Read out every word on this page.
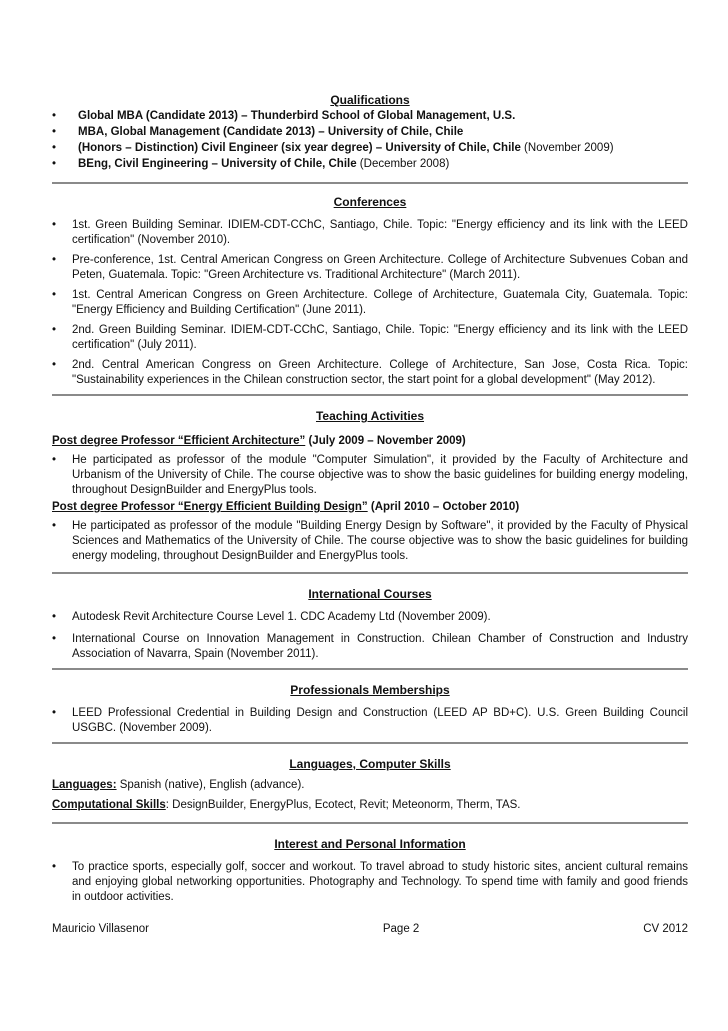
Qualifications
•	Global MBA (Candidate 2013) – Thunderbird School of Global Management, U.S.
•	MBA, Global Management (Candidate 2013) – University of Chile, Chile
•	(Honors – Distinction) Civil Engineer (six year degree) – University of Chile, Chile (November 2009)
•	BEng, Civil Engineering – University of Chile, Chile (December 2008)
Conferences
•	1st. Green Building Seminar. IDIEM-CDT-CChC, Santiago, Chile. Topic: "Energy efficiency and its link with the LEED certification" (November 2010).
•	Pre-conference, 1st. Central American Congress on Green Architecture. College of Architecture Subvenues Coban and Peten, Guatemala. Topic: "Green Architecture vs. Traditional Architecture" (March 2011).
•	1st. Central American Congress on Green Architecture. College of Architecture, Guatemala City, Guatemala. Topic: "Energy Efficiency and Building Certification" (June 2011).
•	2nd. Green Building Seminar. IDIEM-CDT-CChC, Santiago, Chile. Topic: "Energy efficiency and its link with the LEED certification" (July 2011).
•	2nd. Central American Congress on Green Architecture. College of Architecture, San Jose, Costa Rica. Topic: "Sustainability experiences in the Chilean construction sector, the start point for a global development" (May 2012).
Teaching Activities
Post degree Professor “Efficient Architecture” (July 2009 – November 2009)
•	He participated as professor of the module "Computer Simulation", it provided by the Faculty of Architecture and Urbanism of the University of Chile. The course objective was to show the basic guidelines for building energy modeling, throughout DesignBuilder and EnergyPlus tools.
Post degree Professor “Energy Efficient Building Design” (April 2010 – October 2010)
•	He participated as professor of the module "Building Energy Design by Software", it provided by the Faculty of Physical Sciences and Mathematics of the University of Chile. The course objective was to show the basic guidelines for building energy modeling, throughout DesignBuilder and EnergyPlus tools.
International Courses
•	Autodesk Revit Architecture Course Level 1. CDC Academy Ltd (November 2009).
•	International Course on Innovation Management in Construction. Chilean Chamber of Construction and Industry Association of Navarra, Spain (November 2011).
Professionals Memberships
•	LEED Professional Credential in Building Design and Construction (LEED AP BD+C). U.S. Green Building Council USGBC. (November 2009).
Languages, Computer Skills
Languages: Spanish (native), English (advance).
Computational Skills: DesignBuilder, EnergyPlus, Ecotect, Revit; Meteonorm, Therm, TAS.
Interest and Personal Information
•	To practice sports, especially golf, soccer and workout. To travel abroad to study historic sites, ancient cultural remains and enjoying global networking opportunities. Photography and Technology. To spend time with family and good friends in outdoor activities.
Mauricio Villasenor	Page 2	CV 2012
